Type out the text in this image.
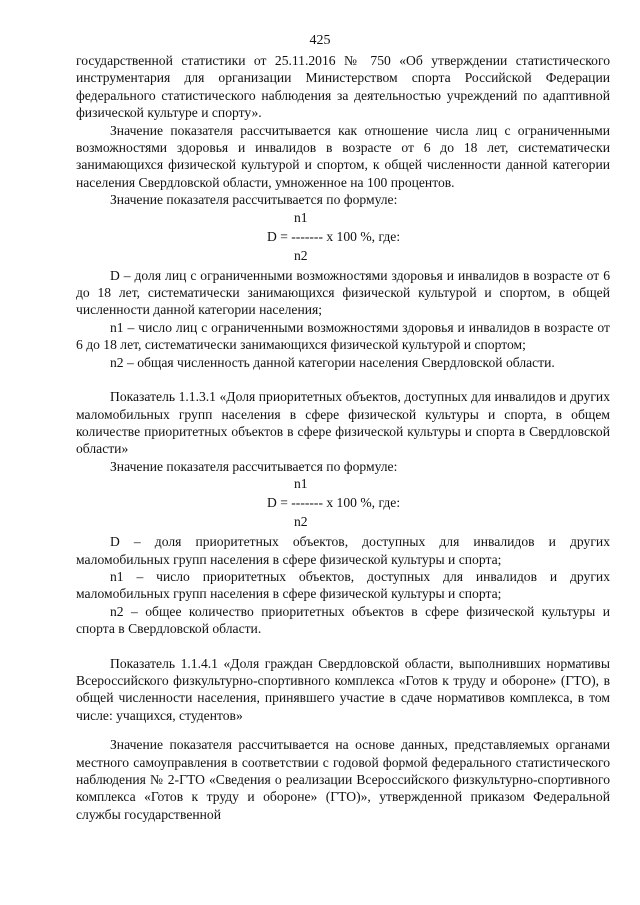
425

государственной статистики от 25.11.2016 № 750 «Об утверждении статистического инструментария для организации Министерством спорта Российской Федерации федерального статистического наблюдения за деятельностью учреждений по адаптивной физической культуре и спорту».

Значение показателя рассчитывается как отношение числа лиц с ограниченными возможностями здоровья и инвалидов в возрасте от 6 до 18 лет, систематически занимающихся физической культурой и спортом, к общей численности данной категории населения Свердловской области, умноженное на 100 процентов.

Значение показателя рассчитывается по формуле:

n1
D = ------- x 100 %, где:
n2

D – доля лиц с ограниченными возможностями здоровья и инвалидов в возрасте от 6 до 18 лет, систематически занимающихся физической культурой и спортом, в общей численности данной категории населения;

n1 – число лиц с ограниченными возможностями здоровья и инвалидов в возрасте от 6 до 18 лет, систематически занимающихся физической культурой и спортом;

n2 – общая численность данной категории населения Свердловской области.

Показатель 1.1.3.1 «Доля приоритетных объектов, доступных для инвалидов и других маломобильных групп населения в сфере физической культуры и спорта, в общем количестве приоритетных объектов в сфере физической культуры и спорта в Свердловской области»

Значение показателя рассчитывается по формуле:

n1
D = ------- x 100 %, где:
n2

D – доля приоритетных объектов, доступных для инвалидов и других маломобильных групп населения в сфере физической культуры и спорта;

n1 – число приоритетных объектов, доступных для инвалидов и других маломобильных групп населения в сфере физической культуры и спорта;

n2 – общее количество приоритетных объектов в сфере физической культуры и спорта в Свердловской области.

Показатель 1.1.4.1 «Доля граждан Свердловской области, выполнивших нормативы Всероссийского физкультурно-спортивного комплекса «Готов к труду и обороне» (ГТО), в общей численности населения, принявшего участие в сдаче нормативов комплекса, в том числе: учащихся, студентов»

Значение показателя рассчитывается на основе данных, представляемых органами местного самоуправления в соответствии с годовой формой федерального статистического наблюдения № 2-ГТО «Сведения о реализации Всероссийского физкультурно-спортивного комплекса «Готов к труду и обороне» (ГТО)», утвержденной приказом Федеральной службы государственной
